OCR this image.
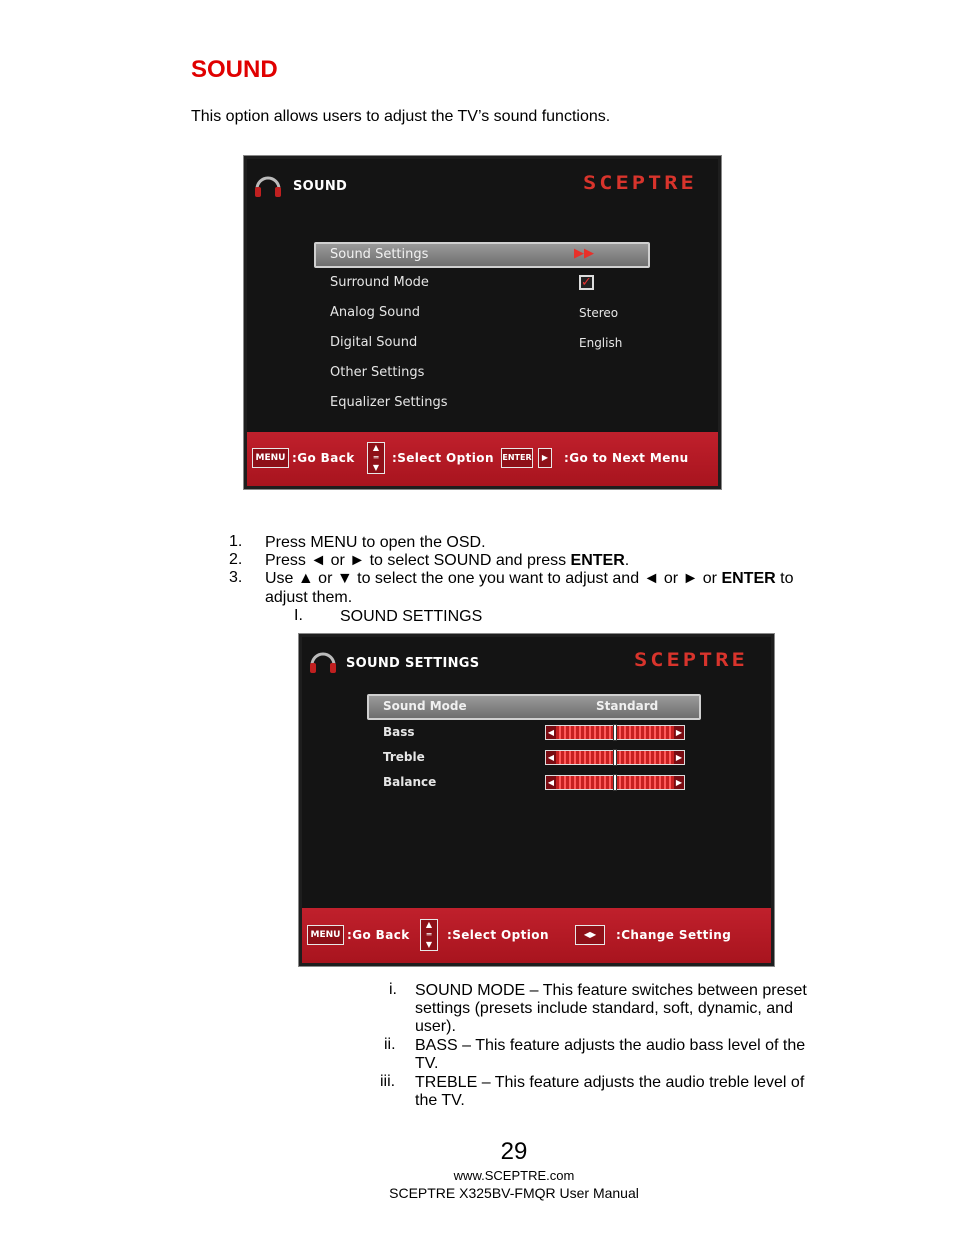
SOUND
This option allows users to adjust the TV’s sound functions.
SOUND	SCEPTRE
Sound Settings	▶▶
Surround Mode	✓
Analog Sound	Stereo
Digital Sound	English
Other Settings
Equalizer Settings
MENU :Go Back
▲
═
▼
:Select Option ENTER	▶	:Go to Next Menu
1. Press MENU to open the OSD.
2. Press ◄ or ► to select SOUND and press ENTER.
3. Use ▲ or ▼ to select the one you want to adjust and ◄ or ► or ENTER to
adjust them.
I. SOUND SETTINGS
SOUND SETTINGS	SCEPTRE
Sound Mode	Standard
Bass	◀	▶
Treble	◀	▶
Balance	◀	▶
MENU :Go Back
▲
═
▼
:Select Option	◀▶	:Change Setting
i. SOUND MODE – This feature switches between preset
settings (presets include standard, soft, dynamic, and
user).
ii. BASS – This feature adjusts the audio bass level of the
TV.
iii. TREBLE – This feature adjusts the audio treble level of
the TV.
29
www.SCEPTRE.com
SCEPTRE X325BV-FMQR User Manual
